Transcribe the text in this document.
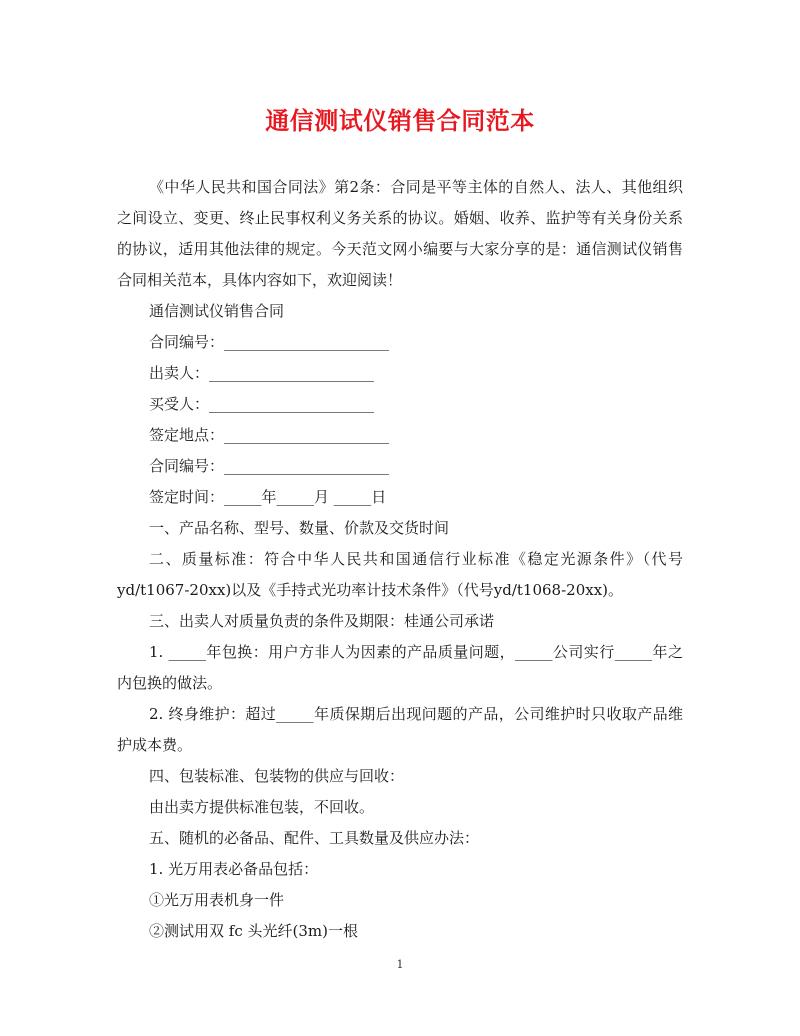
通信测试仪销售合同范本

《中华人民共和国合同法》第2条：合同是平等主体的自然人、法人、其他组织之间设立、变更、终止民事权利义务关系的协议。婚姻、收养、监护等有关身份关系的协议，适用其他法律的规定。今天范文网小编要与大家分享的是：通信测试仪销售合同相关范本，具体内容如下，欢迎阅读！

通信测试仪销售合同

合同编号：______________________

出卖人：______________________

买受人：______________________

签定地点：______________________

合同编号：______________________

签定时间：_____年_____月 _____日

一、产品名称、型号、数量、价款及交货时间

二、质量标准：符合中华人民共和国通信行业标准《稳定光源条件》（代号yd/t1067-20xx)以及《手持式光功率计技术条件》（代号yd/t1068-20xx)。

三、出卖人对质量负责的条件及期限：桂通公司承诺

1. _____年包换：用户方非人为因素的产品质量问题，_____公司实行_____年之内包换的做法。

2. 终身维护：超过_____年质保期后出现问题的产品，公司维护时只收取产品维护成本费。

四、包装标准、包装物的供应与回收：

由出卖方提供标准包装，不回收。

五、随机的必备品、配件、工具数量及供应办法：

1. 光万用表必备品包括：

①光万用表机身一件

②测试用双 fc 头光纤(3m)一根

1
